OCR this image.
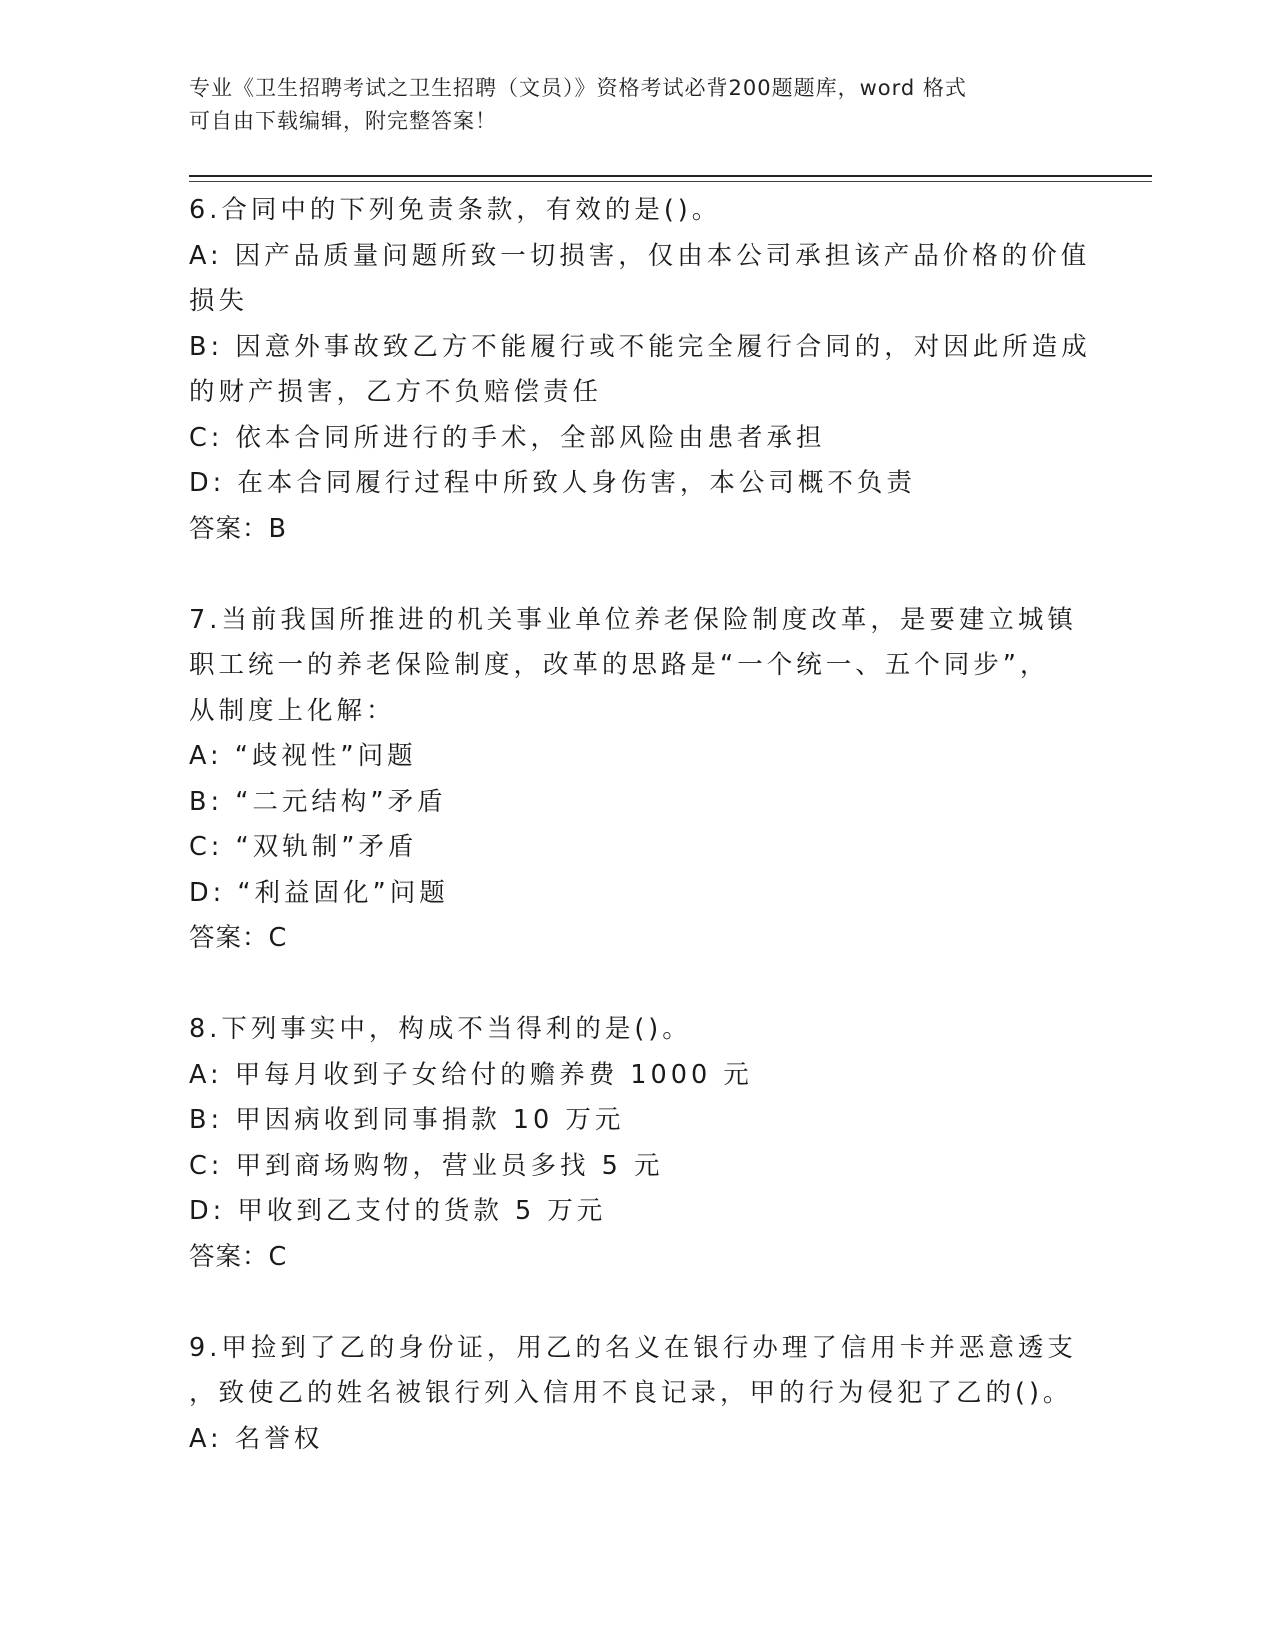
专业《卫生招聘考试之卫生招聘（文员）》资格考试必背200题题库，word 格式
可自由下载编辑，附完整答案！
6.合同中的下列免责条款，有效的是()。
A: 因产品质量问题所致一切损害，仅由本公司承担该产品价格的价值
损失
B: 因意外事故致乙方不能履行或不能完全履行合同的，对因此所造成
的财产损害，乙方不负赔偿责任
C: 依本合同所进行的手术，全部风险由患者承担
D: 在本合同履行过程中所致人身伤害，本公司概不负责
答案：B
7.当前我国所推进的机关事业单位养老保险制度改革，是要建立城镇
职工统一的养老保险制度，改革的思路是“一个统一、五个同步”，
从制度上化解：
A: “歧视性”问题
B: “二元结构”矛盾
C: “双轨制”矛盾
D: “利益固化”问题
答案：C
8.下列事实中，构成不当得利的是()。
A: 甲每月收到子女给付的赡养费 1000 元
B: 甲因病收到同事捐款 10 万元
C: 甲到商场购物，营业员多找 5 元
D: 甲收到乙支付的货款 5 万元
答案：C
9.甲捡到了乙的身份证，用乙的名义在银行办理了信用卡并恶意透支
，致使乙的姓名被银行列入信用不良记录，甲的行为侵犯了乙的()。
A: 名誉权
